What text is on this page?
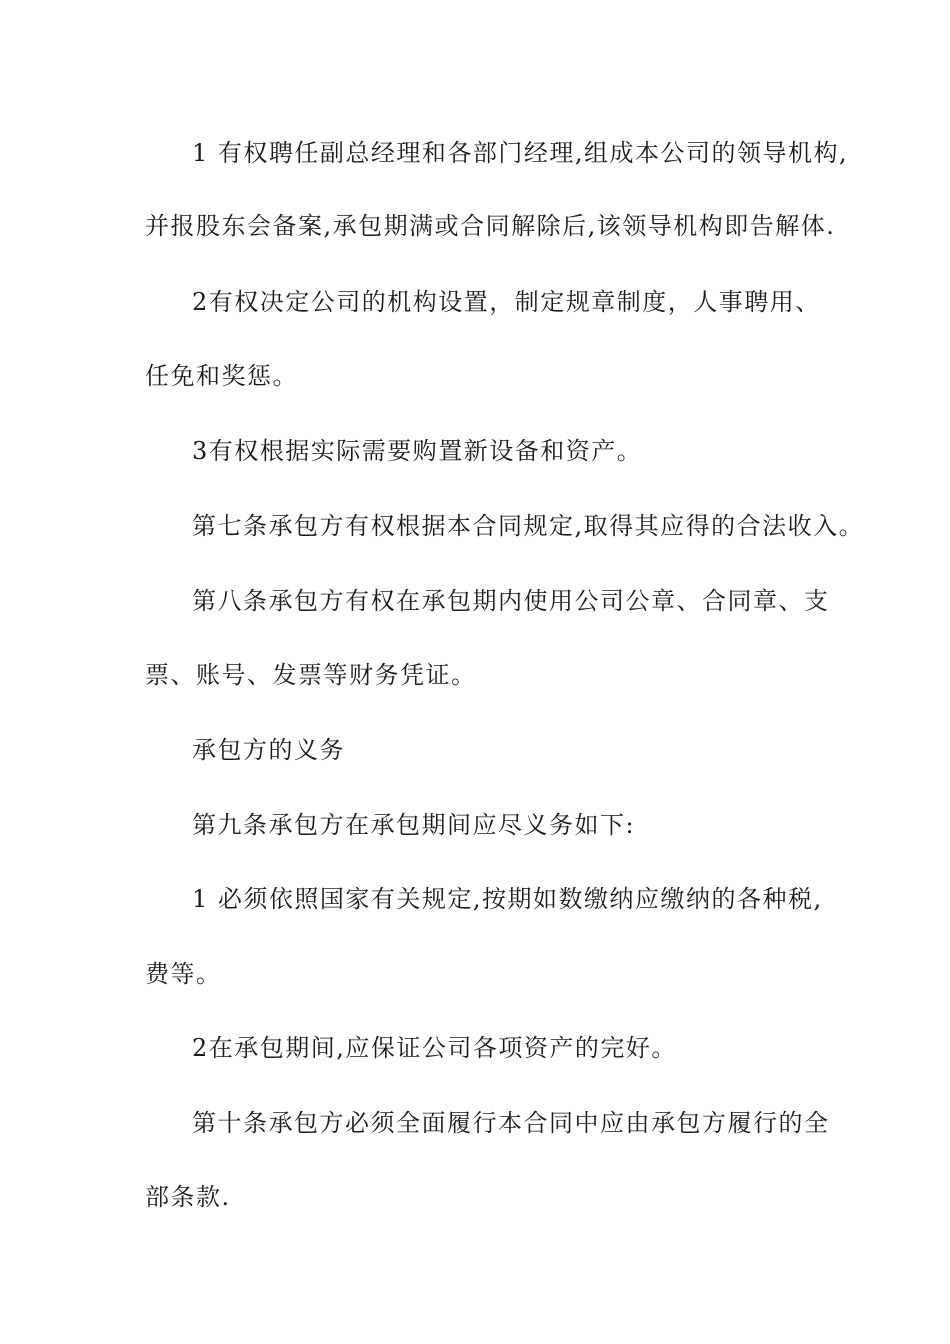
1 有权聘任副总经理和各部门经理,组成本公司的领导机构,
并报股东会备案,承包期满或合同解除后,该领导机构即告解体.
2有权决定公司的机构设置，制定规章制度，人事聘用、
任免和奖惩。
3有权根据实际需要购置新设备和资产。
第七条承包方有权根据本合同规定,取得其应得的合法收入。
第八条承包方有权在承包期内使用公司公章、合同章、支
票、账号、发票等财务凭证。
承包方的义务
第九条承包方在承包期间应尽义务如下:
1 必须依照国家有关规定,按期如数缴纳应缴纳的各种税,
费等。
2在承包期间,应保证公司各项资产的完好。
第十条承包方必须全面履行本合同中应由承包方履行的全
部条款.
